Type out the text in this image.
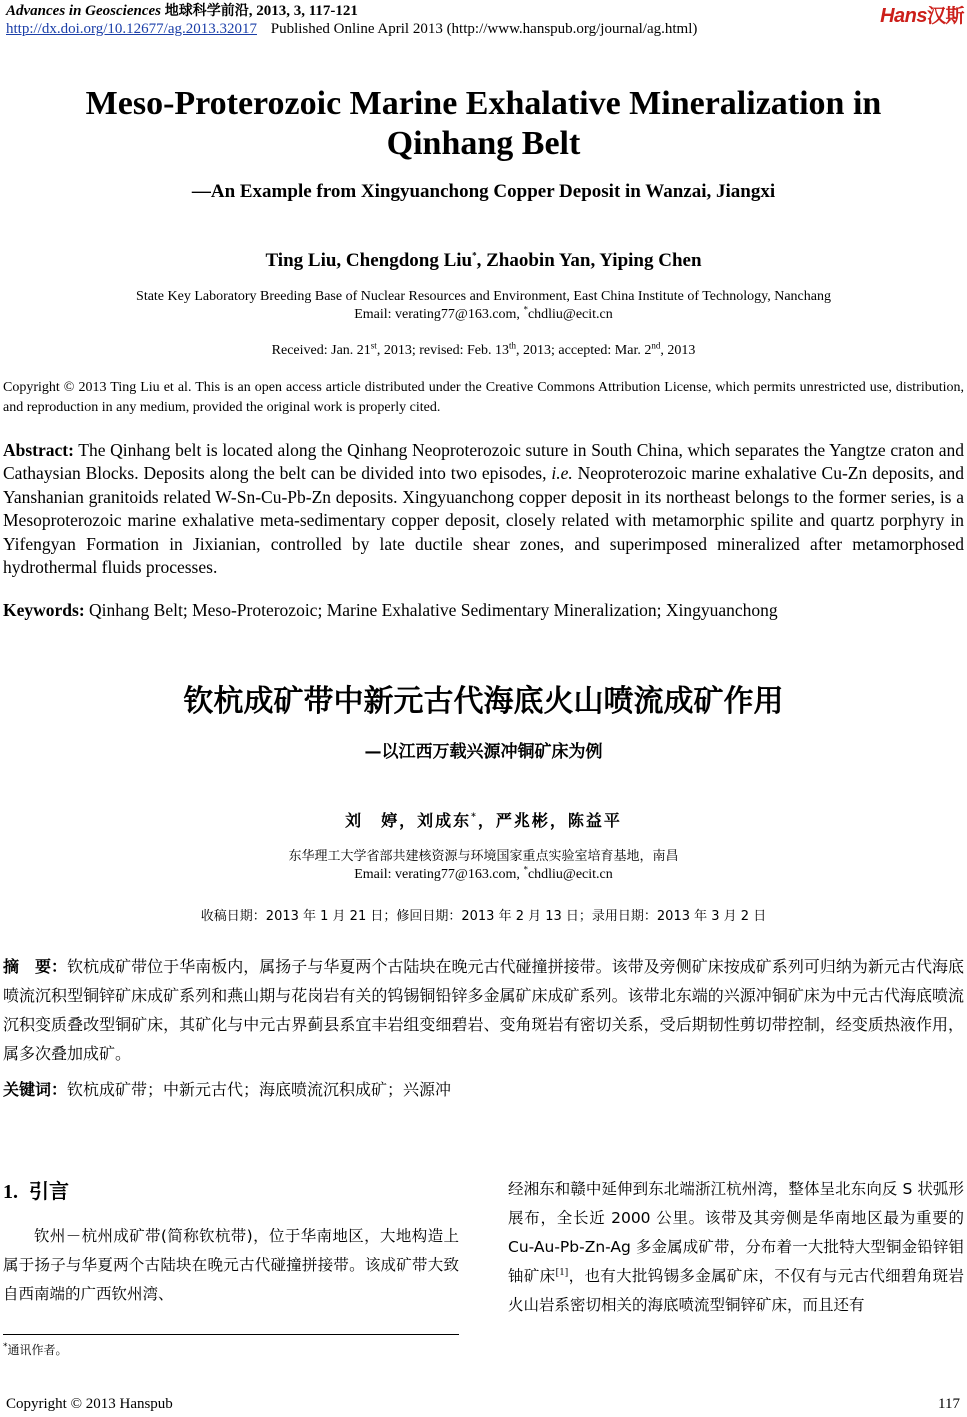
Advances in Geosciences 地球科学前沿, 2013, 3, 117-121
http://dx.doi.org/10.12677/ag.2013.32017 Published Online April 2013 (http://www.hanspub.org/journal/ag.html)
Hans汉斯
Meso-Proterozoic Marine Exhalative Mineralization in Qinhang Belt
—An Example from Xingyuanchong Copper Deposit in Wanzai, Jiangxi
Ting Liu, Chengdong Liu*, Zhaobin Yan, Yiping Chen
State Key Laboratory Breeding Base of Nuclear Resources and Environment, East China Institute of Technology, Nanchang
Email: verating77@163.com, *chdliu@ecit.cn
Received: Jan. 21st, 2013; revised: Feb. 13th, 2013; accepted: Mar. 2nd, 2013
Copyright © 2013 Ting Liu et al. This is an open access article distributed under the Creative Commons Attribution License, which permits unrestricted use, distribution, and reproduction in any medium, provided the original work is properly cited.
Abstract: The Qinhang belt is located along the Qinhang Neoproterozoic suture in South China, which separates the Yangtze craton and Cathaysian Blocks. Deposits along the belt can be divided into two episodes, i.e. Neoproterozoic marine exhalative Cu-Zn deposits, and Yanshanian granitoids related W-Sn-Cu-Pb-Zn deposits. Xingyuanchong copper deposit in its northeast belongs to the former series, is a Mesoproterozoic marine exhalative meta-sedimentary copper deposit, closely related with metamorphic spilite and quartz porphyry in Yifengyan Formation in Jixianian, controlled by late ductile shear zones, and superimposed mineralized after metamorphosed hydrothermal fluids processes.
Keywords: Qinhang Belt; Meso-Proterozoic; Marine Exhalative Sedimentary Mineralization; Xingyuanchong
钦杭成矿带中新元古代海底火山喷流成矿作用
—以江西万载兴源冲铜矿床为例
刘　婷，刘成东*，严兆彬，陈益平
东华理工大学省部共建核资源与环境国家重点实验室培育基地，南昌
Email: verating77@163.com, *chdliu@ecit.cn
收稿日期：2013 年 1 月 21 日；修回日期：2013 年 2 月 13 日；录用日期：2013 年 3 月 2 日
摘　要：钦杭成矿带位于华南板内，属扬子与华夏两个古陆块在晚元古代碰撞拼接带。该带及旁侧矿床按成矿系列可归纳为新元古代海底喷流沉积型铜锌矿床成矿系列和燕山期与花岗岩有关的钨锡铜铅锌多金属矿床成矿系列。该带北东端的兴源冲铜矿床为中元古代海底喷流沉积变质叠改型铜矿床，其矿化与中元古界蓟县系宜丰岩组变细碧岩、变角斑岩有密切关系，受后期韧性剪切带控制，经变质热液作用，属多次叠加成矿。
关键词：钦杭成矿带；中新元古代；海底喷流沉积成矿；兴源冲
1. 引言
钦州－杭州成矿带(简称钦杭带)，位于华南地区，大地构造上属于扬子与华夏两个古陆块在晚元古代碰撞拼接带。该成矿带大致自西南端的广西钦州湾、
经湘东和赣中延伸到东北端浙江杭州湾，整体呈北东向反 S 状弧形展布，全长近 2000 公里。该带及其旁侧是华南地区最为重要的 Cu-Au-Pb-Zn-Ag 多金属成矿带，分布着一大批特大型铜金铅锌钼铀矿床[1]，也有大批钨锡多金属矿床，不仅有与元古代细碧角斑岩火山岩系密切相关的海底喷流型铜锌矿床，而且还有
*通讯作者。
Copyright © 2013 Hanspub	117
